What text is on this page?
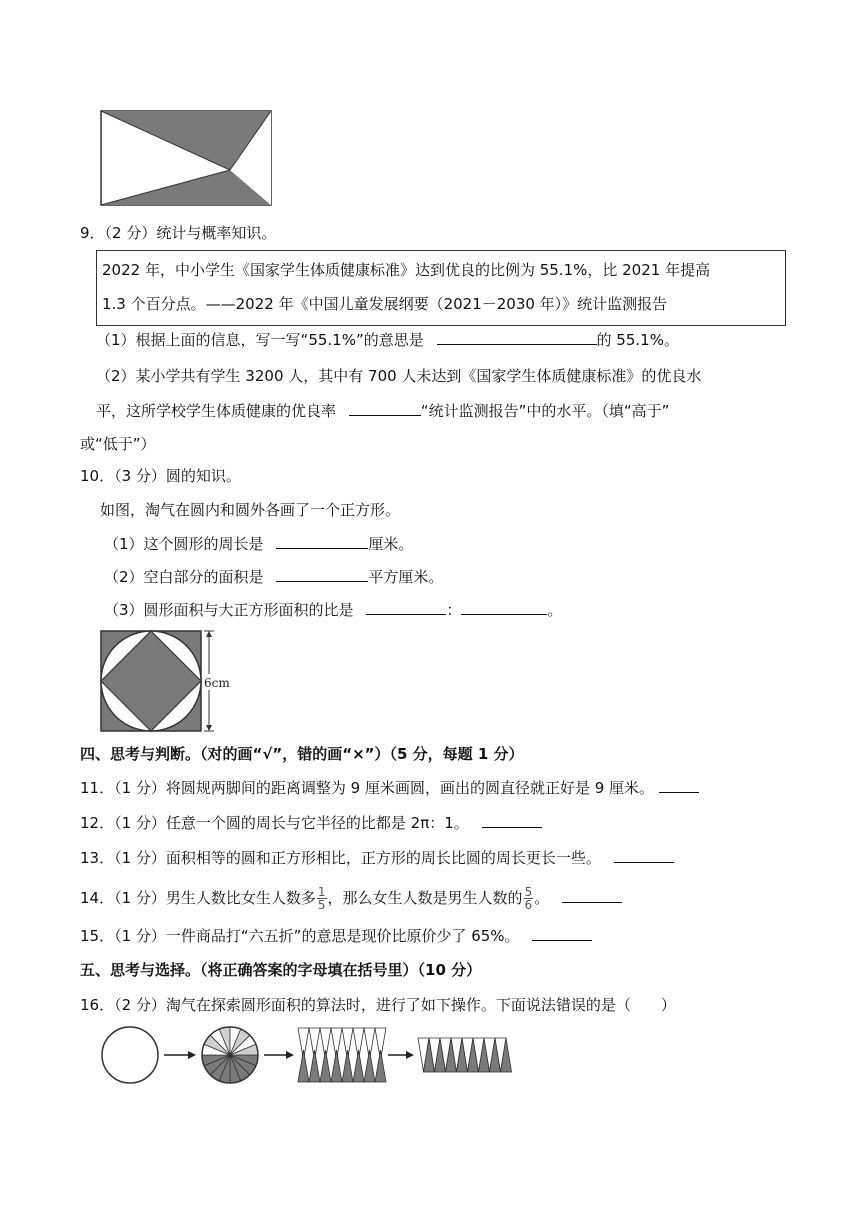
9．（2 分）统计与概率知识。
2022 年，中小学生《国家学生体质健康标准》达到优良的比例为 55.1%，比 2021 年提高
1.3 个百分点。——2022 年《中国儿童发展纲要（2021－2030 年）》统计监测报告
（1）根据上面的信息，写一写“55.1%”的意思是	的 55.1%。
（2）某小学共有学生 3200 人，其中有 700 人未达到《国家学生体质健康标准》的优良水
平，这所学校学生体质健康的优良率	“统计监测报告”中的水平。（填“高于”
或“低于”）
10．（3 分）圆的知识。
如图，淘气在圆内和圆外各画了一个正方形。
（1）这个圆形的周长是	厘米。
（2）空白部分的面积是	平方厘米。
（3）圆形面积与大正方形面积的比是	：	。
6cm
四、思考与判断。（对的画“√”，错的画“×”）（5 分，每题 1 分）
11．（1 分）将圆规两脚间的距离调整为 9 厘米画圆，画出的圆直径就正好是 9 厘米。
12．（1 分）任意一个圆的周长与它半径的比都是 2π：1。
13．（1 分）面积相等的圆和正方形相比，正方形的周长比圆的周长更长一些。
14．（1 分）男生人数比女生人数多 $\frac{1}{5}$ ，那么女生人数是男生人数的 $\frac{5}{6}$ 。
15．（1 分）一件商品打“六五折”的意思是现价比原价少了 65%。
五、思考与选择。（将正确答案的字母填在括号里）（10 分）
16．（2 分）淘气在探索圆形面积的算法时，进行了如下操作。下面说法错误的是（　　）
